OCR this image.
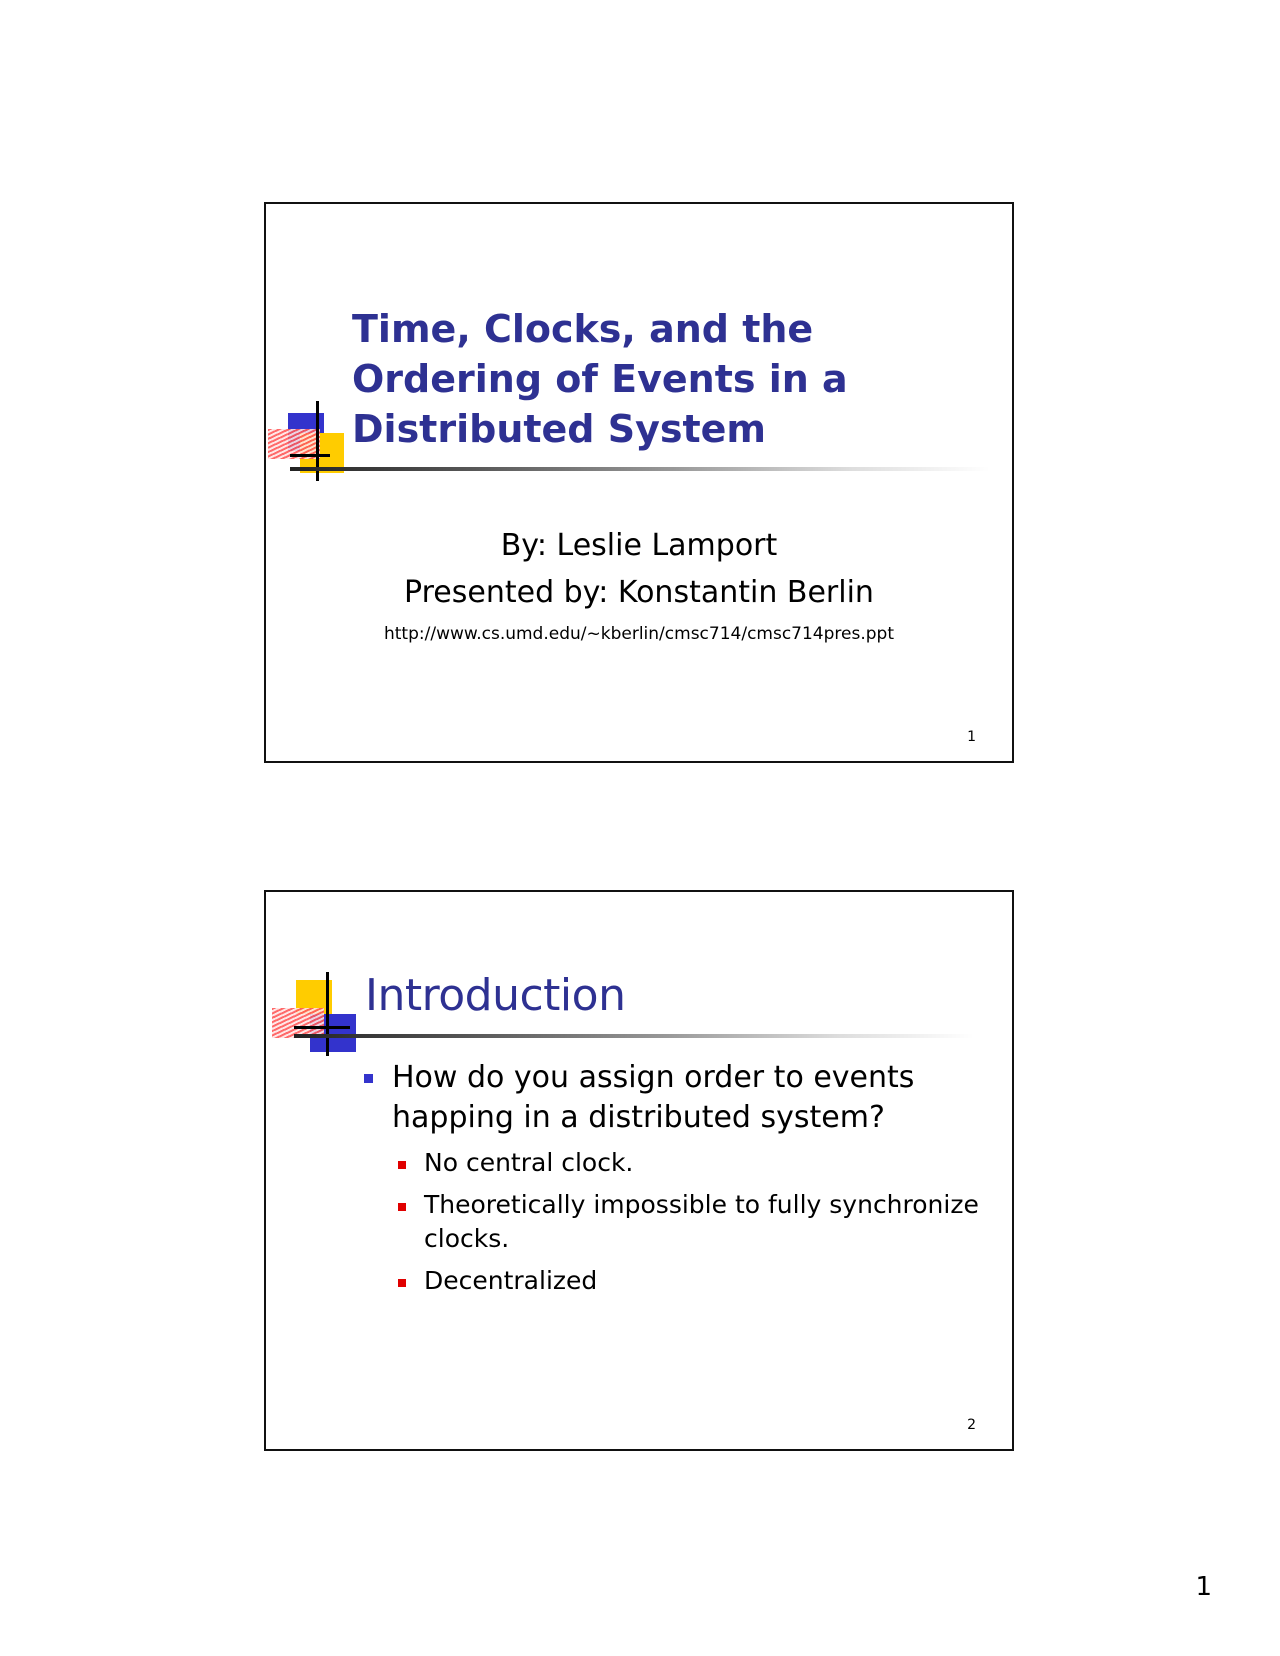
Time, Clocks, and the Ordering of Events in a Distributed System
By: Leslie Lamport
Presented by: Konstantin Berlin
http://www.cs.umd.edu/~kberlin/cmsc714/cmsc714pres.ppt
1
Introduction
How do you assign order to events happing in a distributed system?
No central clock.
Theoretically impossible to fully synchronize clocks.
Decentralized
2
1
